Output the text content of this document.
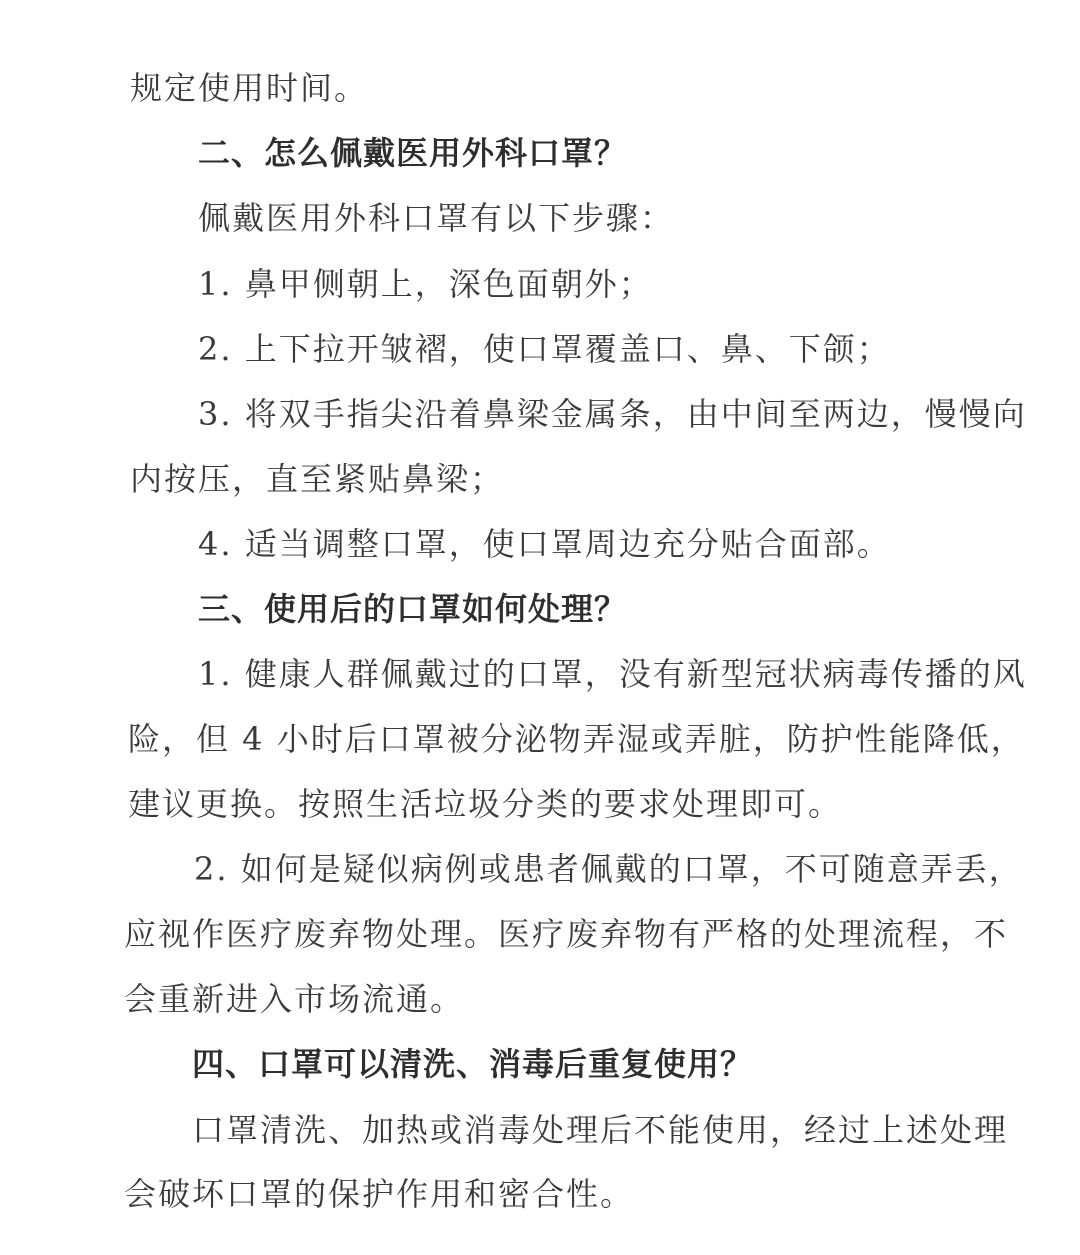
规定使用时间。
二、怎么佩戴医用外科口罩？
佩戴医用外科口罩有以下步骤：
1. 鼻甲侧朝上，深色面朝外；
2. 上下拉开皱褶，使口罩覆盖口、鼻、下颌；
3. 将双手指尖沿着鼻梁金属条，由中间至两边，慢慢向
内按压，直至紧贴鼻梁；
4. 适当调整口罩，使口罩周边充分贴合面部。
三、使用后的口罩如何处理？
1. 健康人群佩戴过的口罩，没有新型冠状病毒传播的风
险，但 4 小时后口罩被分泌物弄湿或弄脏，防护性能降低，
建议更换。按照生活垃圾分类的要求处理即可。
2. 如何是疑似病例或患者佩戴的口罩，不可随意弄丢，
应视作医疗废弃物处理。医疗废弃物有严格的处理流程，不
会重新进入市场流通。
四、口罩可以清洗、消毒后重复使用？
口罩清洗、加热或消毒处理后不能使用，经过上述处理
会破坏口罩的保护作用和密合性。
